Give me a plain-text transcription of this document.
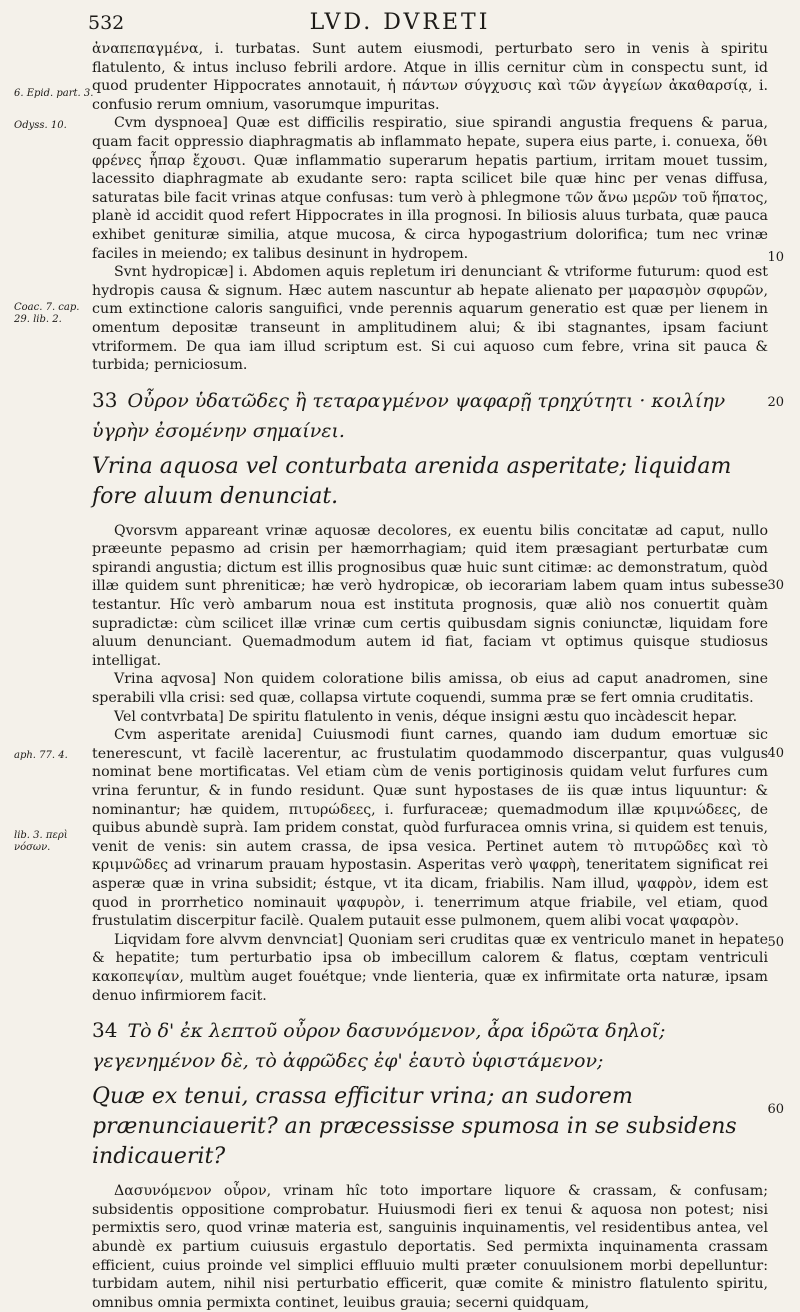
532	LVD. DVRETI
6. Epid. part. 3.
Odyss. 10.
Coac. 7. cap. 29. lib. 2.
aph. 77. 4.
lib. 3. περὶ νόσων.
10
20
30
40
50
60

ἀναπεπαγμένα, i. turbatas. Sunt autem eiusmodi, perturbato sero in venis à spiritu flatulento, & intus incluso febrili ardore. Atque in illis cernitur cùm in conspectu sunt, id quod prudenter Hippocrates annotauit, ἡ πάντων σύγχυσις καὶ τῶν ἀγγείων ἀκαθαρσίᾳ, i. confusio rerum omnium, vasorumque impuritas.

Cvm dyspnoea] Quæ est difficilis respiratio, siue spirandi angustia frequens & parua, quam facit oppressio diaphragmatis ab inflammato hepate, supera eius parte, i. conuexa, ὅθι φρένες ἧπαρ ἔχουσι. Quæ inflammatio superarum hepatis partium, irritam mouet tussim, lacessito diaphragmate ab exudante sero: rapta scilicet bile quæ hinc per venas diffusa, saturatas bile facit vrinas atque confusas: tum verò à phlegmone τῶν ἄνω μερῶν τοῦ ἥπατος, planè id accidit quod refert Hippocrates in illa prognosi. In biliosis aluus turbata, quæ pauca exhibet genituræ similia, atque mucosa, & circa hypogastrium dolorifica; tum nec vrinæ faciles in meiendo; ex talibus desinunt in hydropem.

Svnt hydropicæ] i. Abdomen aquis repletum iri denunciant & vtriforme futurum: quod est hydropis causa & signum. Hæc autem nascuntur ab hepate alienato per μαρασμὸν σφυρῶν, cum extinctione caloris sanguifici, vnde perennis aquarum generatio est quæ per lienem in omentum depositæ transeunt in amplitudinem alui; & ibi stagnantes, ipsam faciunt vtriformem. De qua iam illud scriptum est. Si cui aquoso cum febre, vrina sit pauca & turbida; perniciosum.

33 Οὖρον ὑδατῶδες ἢ τεταραγμένον ψαφαρῇ τρηχύτητι · κοιλίην ὑγρὴν ἐσομένην σημαίνει.

Vrina aquosa vel conturbata arenida asperitate; liquidam fore aluum denunciat.

Qvorsvm appareant vrinæ aquosæ decolores, ex euentu bilis concitatæ ad caput, nullo præeunte pepasmo ad crisin per hæmorrhagiam; quid item præsagiant perturbatæ cum spirandi angustia; dictum est illis prognosibus quæ huic sunt citimæ: ac demonstratum, quòd illæ quidem sunt phreniticæ; hæ verò hydropicæ, ob iecorariam labem quam intus subesse testantur. Hîc verò ambarum noua est instituta prognosis, quæ aliò nos conuertit quàm supradictæ: cùm scilicet illæ vrinæ cum certis quibusdam signis coniunctæ, liquidam fore aluum denunciant. Quemadmodum autem id fiat, faciam vt optimus quisque studiosus intelligat.

Vrina aqvosa] Non quidem coloratione bilis amissa, ob eius ad caput anadromen, sine sperabili vlla crisi: sed quæ, collapsa virtute coquendi, summa præ se fert omnia cruditatis.

Vel contvrbata] De spiritu flatulento in venis, déque insigni æstu quo incàdescit hepar.

Cvm asperitate arenida] Cuiusmodi fiunt carnes, quando iam dudum emortuæ sic tenerescunt, vt facilè lacerentur, ac frustulatim quodammodo discerpantur, quas vulgus nominat bene mortificatas. Vel etiam cùm de venis portiginosis quidam velut furfures cum vrina feruntur, & in fundo residunt. Quæ sunt hypostases de iis quæ intus liquuntur: & nominantur; hæ quidem, πιτυρώδεες, i. furfuraceæ; quemadmodum illæ κριμνώδεες, de quibus abundè suprà. Iam pridem constat, quòd furfuracea omnis vrina, si quidem est tenuis, venit de venis: sin autem crassa, de ipsa vesica. Pertinet autem τὸ πιτυρῶδες καὶ τὸ κριμνῶδες ad vrinarum prauam hypostasin. Asperitas verò ψαφρὴ, teneritatem significat rei asperæ quæ in vrina subsidit; éstque, vt ita dicam, friabilis. Nam illud, ψαφρὸν, idem est quod in prorrhetico nominauit ψαφυρὸν, i. tenerrimum atque friabile, vel etiam, quod frustulatim discerpitur facilè. Qualem putauit esse pulmonem, quem alibi vocat ψαφαρὸν.

Liqvidam fore alvvm denvnciat] Quoniam seri cruditas quæ ex ventriculo manet in hepate & hepatite; tum perturbatio ipsa ob imbecillum calorem & flatus, cœptam ventriculi κακοπεψίαν, multùm auget fouétque; vnde lienteria, quæ ex infirmitate orta naturæ, ipsam denuo infirmiorem facit.

34 Τὸ δ' ἐκ λεπτοῦ οὖρον δασυνόμενον, ἆρα ἱδρῶτα δηλοῖ; γεγενημένον δὲ, τὸ ἀφρῶδες ἐφ' ἑαυτὸ ὑφιστάμενον;

Quæ ex tenui, crassa efficitur vrina; an sudorem prænunciauerit? an præcessisse spumosa in se subsidens indicauerit?

Δασυνόμενον οὖρον, vrinam hîc toto importare liquore & crassam, & confusam; subsidentis oppositione comprobatur. Huiusmodi fieri ex tenui & aquosa non potest; nisi permixtis sero, quod vrinæ materia est, sanguinis inquinamentis, vel residentibus antea, vel abundè ex partium cuiusuis ergastulo deportatis. Sed permixta inquinamenta crassam efficient, cuius proinde vel simplici effluuio multi præter conuulsionem morbi depelluntur: turbidam autem, nihil nisi perturbatio efficerit, quæ comite & ministro flatulento spiritu, omnibus omnia permixta continet, leuibus grauia; secerni quidquam,
